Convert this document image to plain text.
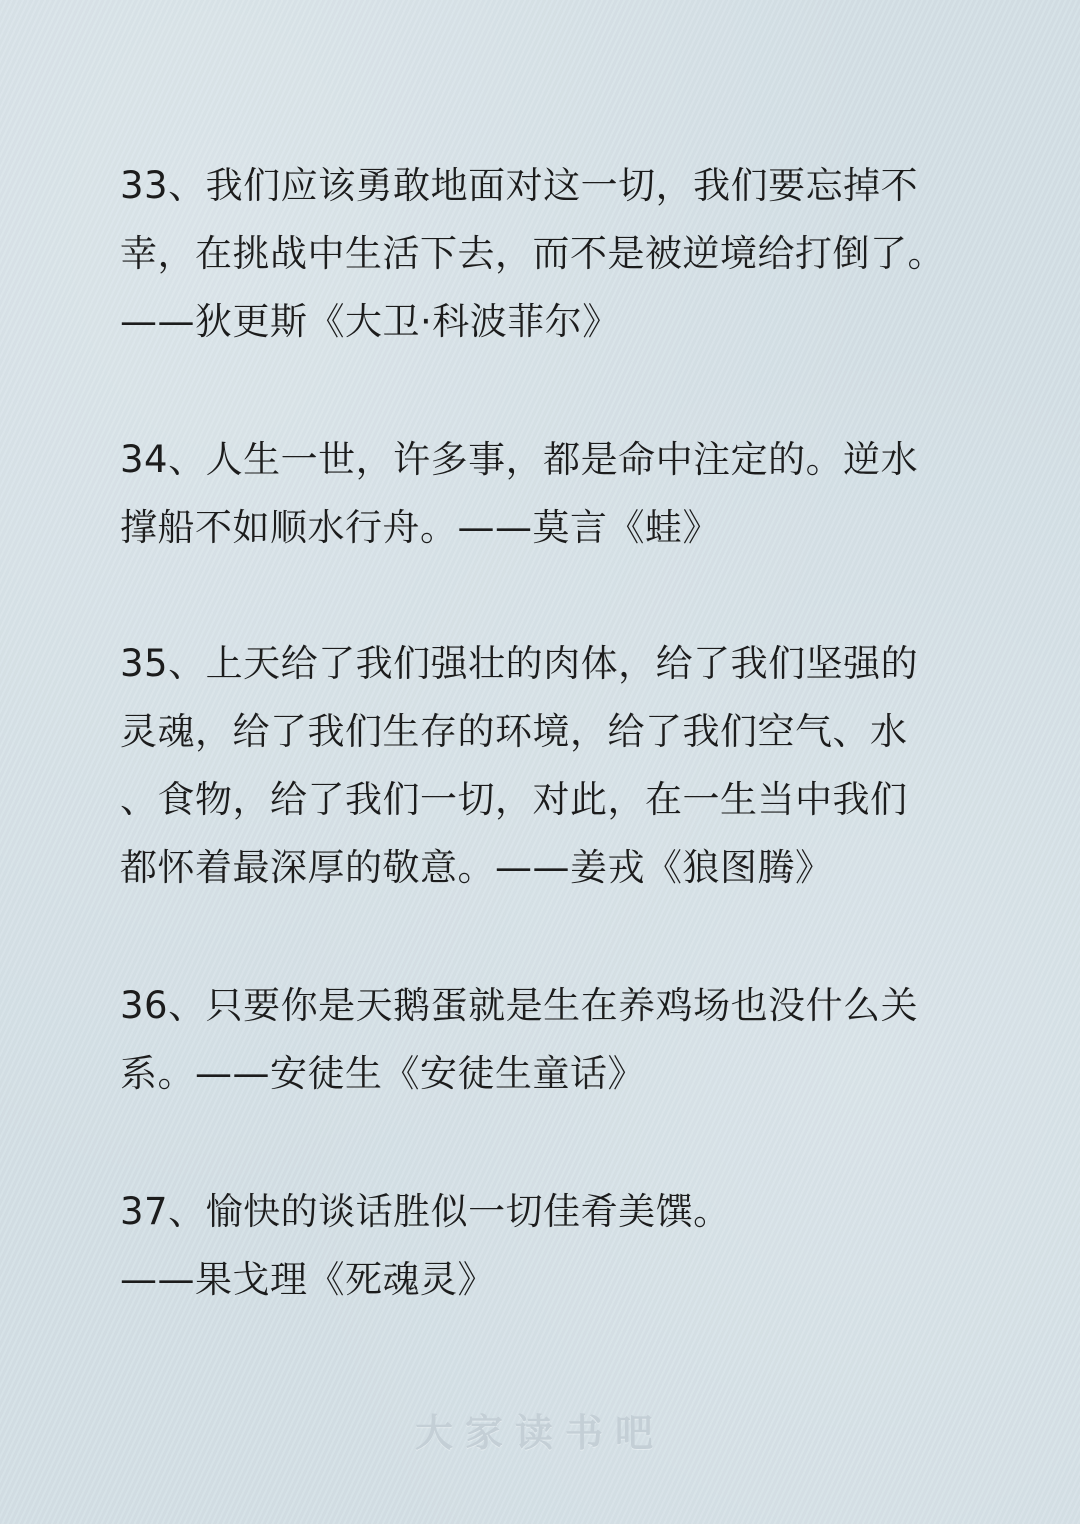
33、我们应该勇敢地面对这一切，我们要忘掉不
幸，在挑战中生活下去，而不是被逆境给打倒了。
——狄更斯《大卫·科波菲尔》

34、人生一世，许多事，都是命中注定的。逆水
撑船不如顺水行舟。——莫言《蛙》

35、上天给了我们强壮的肉体，给了我们坚强的
灵魂，给了我们生存的环境，给了我们空气、水
、食物，给了我们一切，对此，在一生当中我们
都怀着最深厚的敬意。——姜戎《狼图腾》

36、只要你是天鹅蛋就是生在养鸡场也没什么关
系。——安徒生《安徒生童话》

37、愉快的谈话胜似一切佳肴美馔。
——果戈理《死魂灵》

大家读书吧
